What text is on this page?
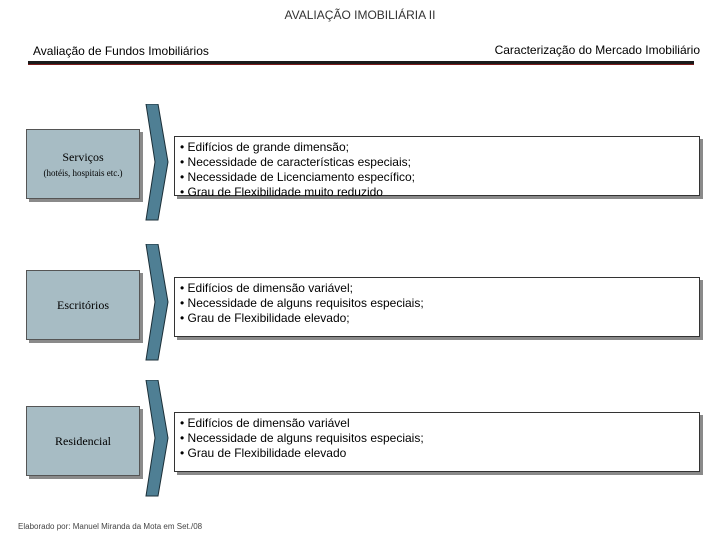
AVALIAÇÃO IMOBILIÁRIA II
Avaliação de Fundos Imobiliários	Caracterização do Mercado Imobiliário
Serviços
(hotéis, hospitais etc.)
• Edifícios de grande dimensão;
• Necessidade de características especiais;
• Necessidade de Licenciamento específico;
• Grau de Flexibilidade muito reduzido
Escritórios
• Edifícios de dimensão variável;
• Necessidade de alguns requisitos especiais;
• Grau de Flexibilidade elevado;
Residencial
• Edifícios de dimensão variável
• Necessidade de alguns requisitos especiais;
• Grau de Flexibilidade elevado
Elaborado por: Manuel Miranda da Mota em Set./08
